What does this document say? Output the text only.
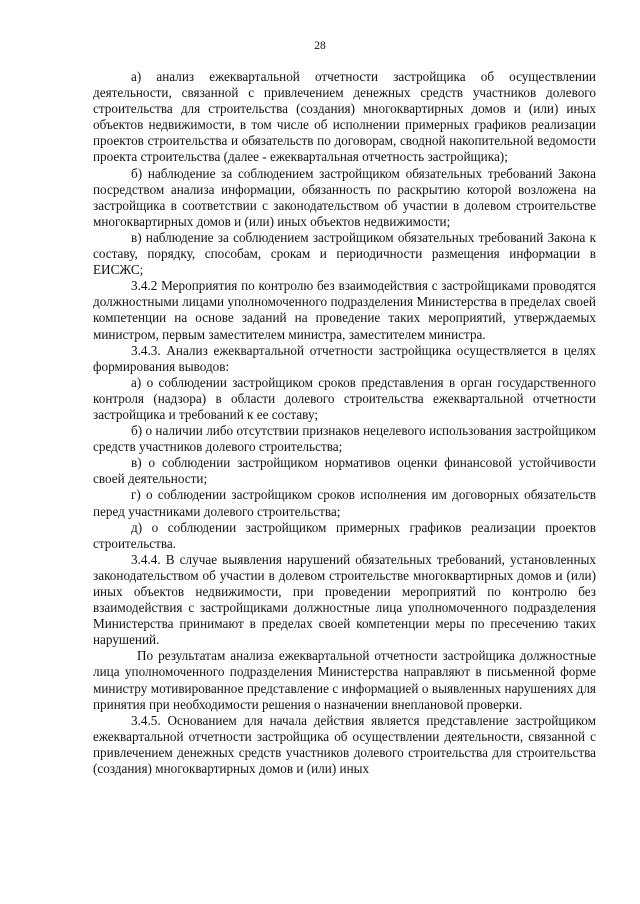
28

а) анализ ежеквартальной отчетности застройщика об осуществлении деятельности, связанной с привлечением денежных средств участников долевого строительства для строительства (создания) многоквартирных домов и (или) иных объектов недвижимости, в том числе об исполнении примерных графиков реализации проектов строительства и обязательств по договорам, сводной накопительной ведомости проекта строительства (далее - ежеквартальная отчетность застройщика);

б) наблюдение за соблюдением застройщиком обязательных требований Закона посредством анализа информации, обязанность по раскрытию которой возложена на застройщика в соответствии с законодательством об участии в долевом строительстве многоквартирных домов и (или) иных объектов недвижимости;

в) наблюдение за соблюдением застройщиком обязательных требований Закона к составу, порядку, способам, срокам и периодичности размещения информации в ЕИСЖС;

3.4.2 Мероприятия по контролю без взаимодействия с застройщиками проводятся должностными лицами уполномоченного подразделения Министерства в пределах своей компетенции на основе заданий на проведение таких мероприятий, утверждаемых министром, первым заместителем министра, заместителем министра.

3.4.3. Анализ ежеквартальной отчетности застройщика осуществляется в целях формирования выводов:

а) о соблюдении застройщиком сроков представления в орган государственного контроля (надзора) в области долевого строительства ежеквартальной отчетности застройщика и требований к ее составу;

б) о наличии либо отсутствии признаков нецелевого использования застройщиком средств участников долевого строительства;

в) о соблюдении застройщиком нормативов оценки финансовой устойчивости своей деятельности;

г) о соблюдении застройщиком сроков исполнения им договорных обязательств перед участниками долевого строительства;

д) о соблюдении застройщиком примерных графиков реализации проектов строительства.

3.4.4. В случае выявления нарушений обязательных требований, установленных законодательством об участии в долевом строительстве многоквартирных домов и (или) иных объектов недвижимости, при проведении мероприятий по контролю без взаимодействия с застройщиками должностные лица уполномоченного подразделения Министерства принимают в пределах своей компетенции меры по пресечению таких нарушений.

По результатам анализа ежеквартальной отчетности застройщика должностные лица уполномоченного подразделения Министерства направляют в письменной форме министру мотивированное представление с информацией о выявленных нарушениях для принятия при необходимости решения о назначении внеплановой проверки.

3.4.5. Основанием для начала действия является представление застройщиком ежеквартальной отчетности застройщика об осуществлении деятельности, связанной с привлечением денежных средств участников долевого строительства для строительства (создания) многоквартирных домов и (или) иных
